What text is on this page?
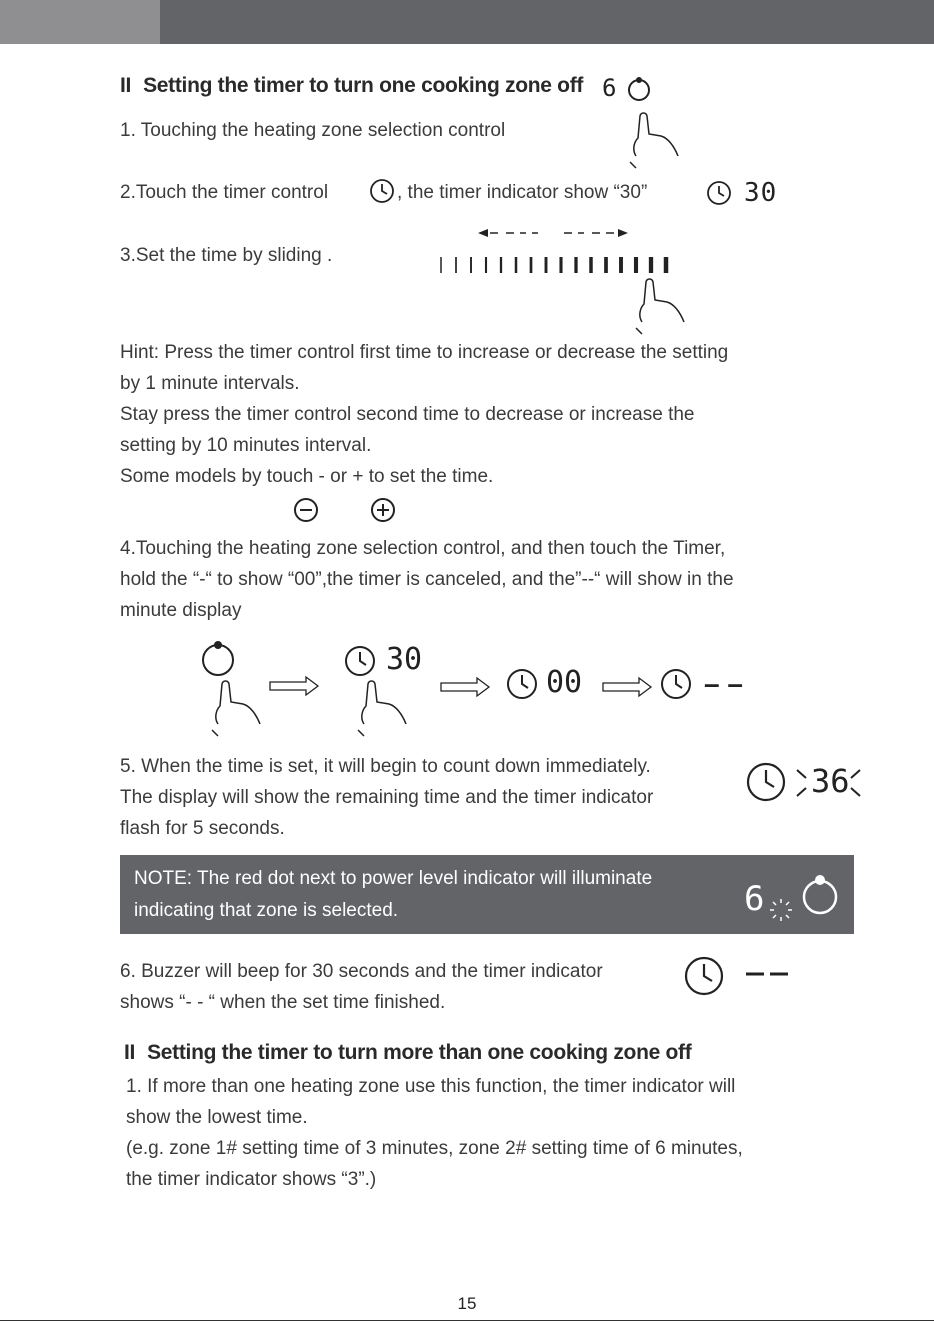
II Setting the timer to turn one cooking zone off 6
1. Touching the heating zone selection control
2.Touch the timer control	, the timer indicator show “30”	30
3.Set the time by sliding .
Hint: Press the timer control first time to increase or decrease the setting
by 1 minute intervals.
Stay press the timer control second time to decrease or increase the
setting by 10 minutes interval.
Some models by touch - or + to set the time.
4.Touching the heating zone selection control, and then touch the Timer,
hold the “-“ to show “00”,the timer is canceled, and the”--“ will show in the
minute display
30
00	– –
5. When the time is set, it will begin to count down immediately.
The display will show the remaining time and the timer indicator
flash for 5 seconds.
36
NOTE: The red dot next to power level indicator will illuminate
indicating that zone is selected.	6
6. Buzzer will beep for 30 seconds and the timer indicator
shows “- - “ when the set time finished.
II Setting the timer to turn more than one cooking zone off
1. If more than one heating zone use this function, the timer indicator will
show the lowest time.
(e.g. zone 1# setting time of 3 minutes, zone 2# setting time of 6 minutes,
the timer indicator shows “3”.)
15
